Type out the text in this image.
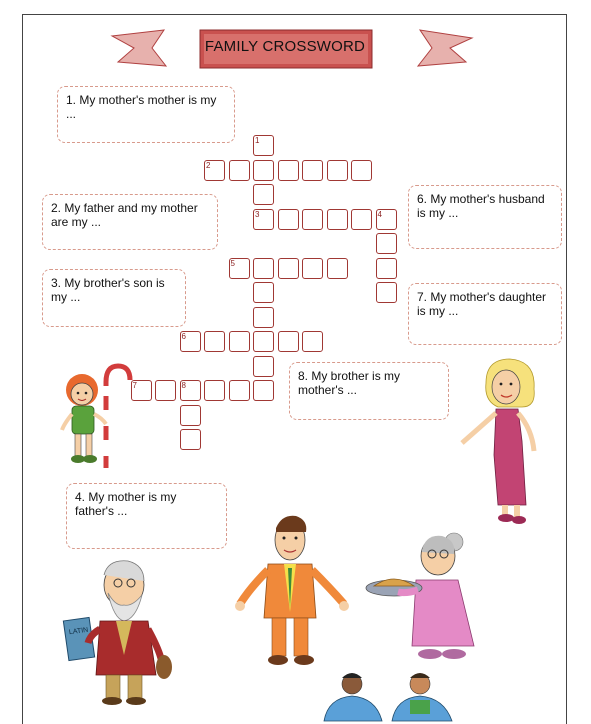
FAMILY CROSSWORD
1. My mother's mother is my ...
2. My father and my mother are my ...
3. My brother's son is my ...
4. My mother is my father's ...
6. My mother's husband is my ...
7. My mother's daughter is my ...
8. My brother is my mother's ...
1
2
3	4
5
6
7	8
LATIN
